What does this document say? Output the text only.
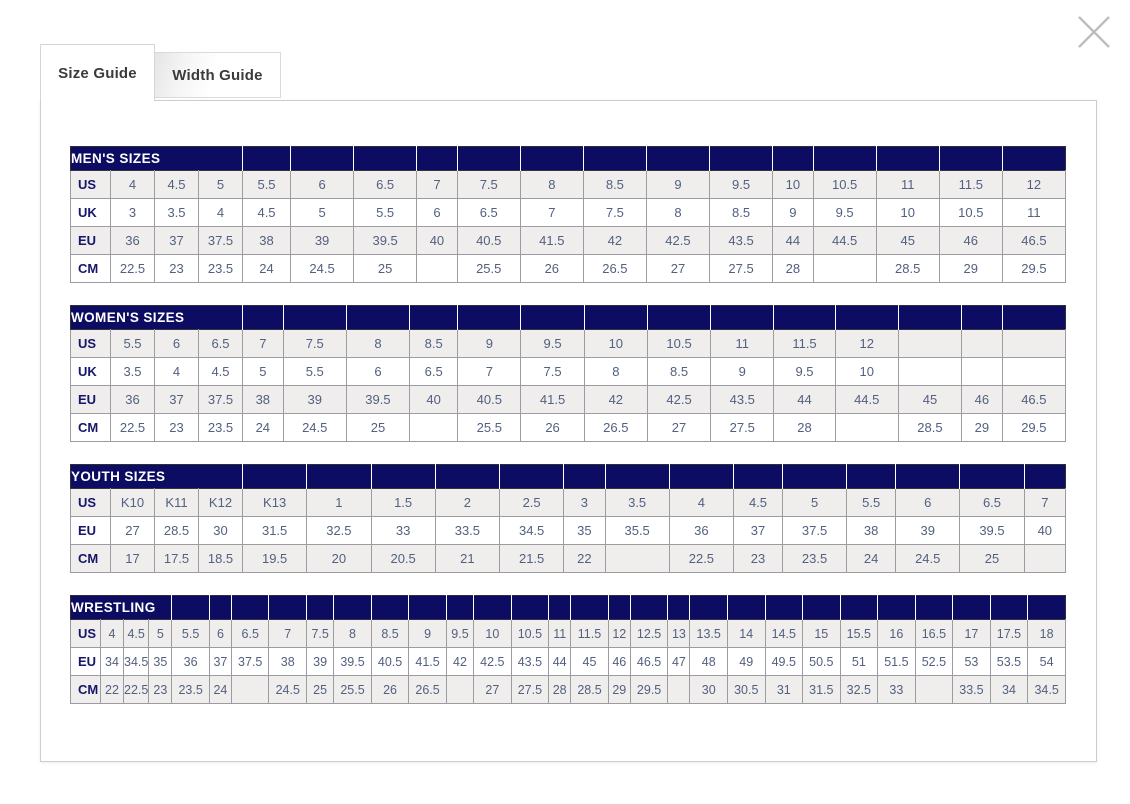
Size Guide Width Guide
MEN'S SIZES																	
US	4	4.5	5	5.5	6	6.5	7	7.5	8	8.5	9	9.5	10	10.5	11	11.5	12
UK	3	3.5	4	4.5	5	5.5	6	6.5	7	7.5	8	8.5	9	9.5	10	10.5	11
EU	36	37	37.5	38	39	39.5	40	40.5	41.5	42	42.5	43.5	44	44.5	45	46	46.5
CM	22.5	23	23.5	24	24.5	25		25.5	26	26.5	27	27.5	28		28.5	29	29.5
WOMEN'S SIZES																	
US	5.5	6	6.5	7	7.5	8	8.5	9	9.5	10	10.5	11	11.5	12			
UK	3.5	4	4.5	5	5.5	6	6.5	7	7.5	8	8.5	9	9.5	10			
EU	36	37	37.5	38	39	39.5	40	40.5	41.5	42	42.5	43.5	44	44.5	45	46	46.5
CM	22.5	23	23.5	24	24.5	25		25.5	26	26.5	27	27.5	28		28.5	29	29.5
YOUTH SIZES																	
US	K10	K11	K12	K13	1	1.5	2	2.5	3	3.5	4	4.5	5	5.5	6	6.5	7
EU	27	28.5	30	31.5	32.5	33	33.5	34.5	35	35.5	36	37	37.5	38	39	39.5	40
CM	17	17.5	18.5	19.5	20	20.5	21	21.5	22		22.5	23	23.5	24	24.5	25	
WRESTLING																													
US	4	4.5	5	5.5	6	6.5	7	7.5	8	8.5	9	9.5	10	10.5	11	11.5	12	12.5	13	13.5	14	14.5	15	15.5	16	16.5	17	17.5	18
EU	34	34.5	35	36	37	37.5	38	39	39.5	40.5	41.5	42	42.5	43.5	44	45	46	46.5	47	48	49	49.5	50.5	51	51.5	52.5	53	53.5	54
CM	22	22.5	23	23.5	24		24.5	25	25.5	26	26.5		27	27.5	28	28.5	29	29.5		30	30.5	31	31.5	32.5	33		33.5	34	34.5
